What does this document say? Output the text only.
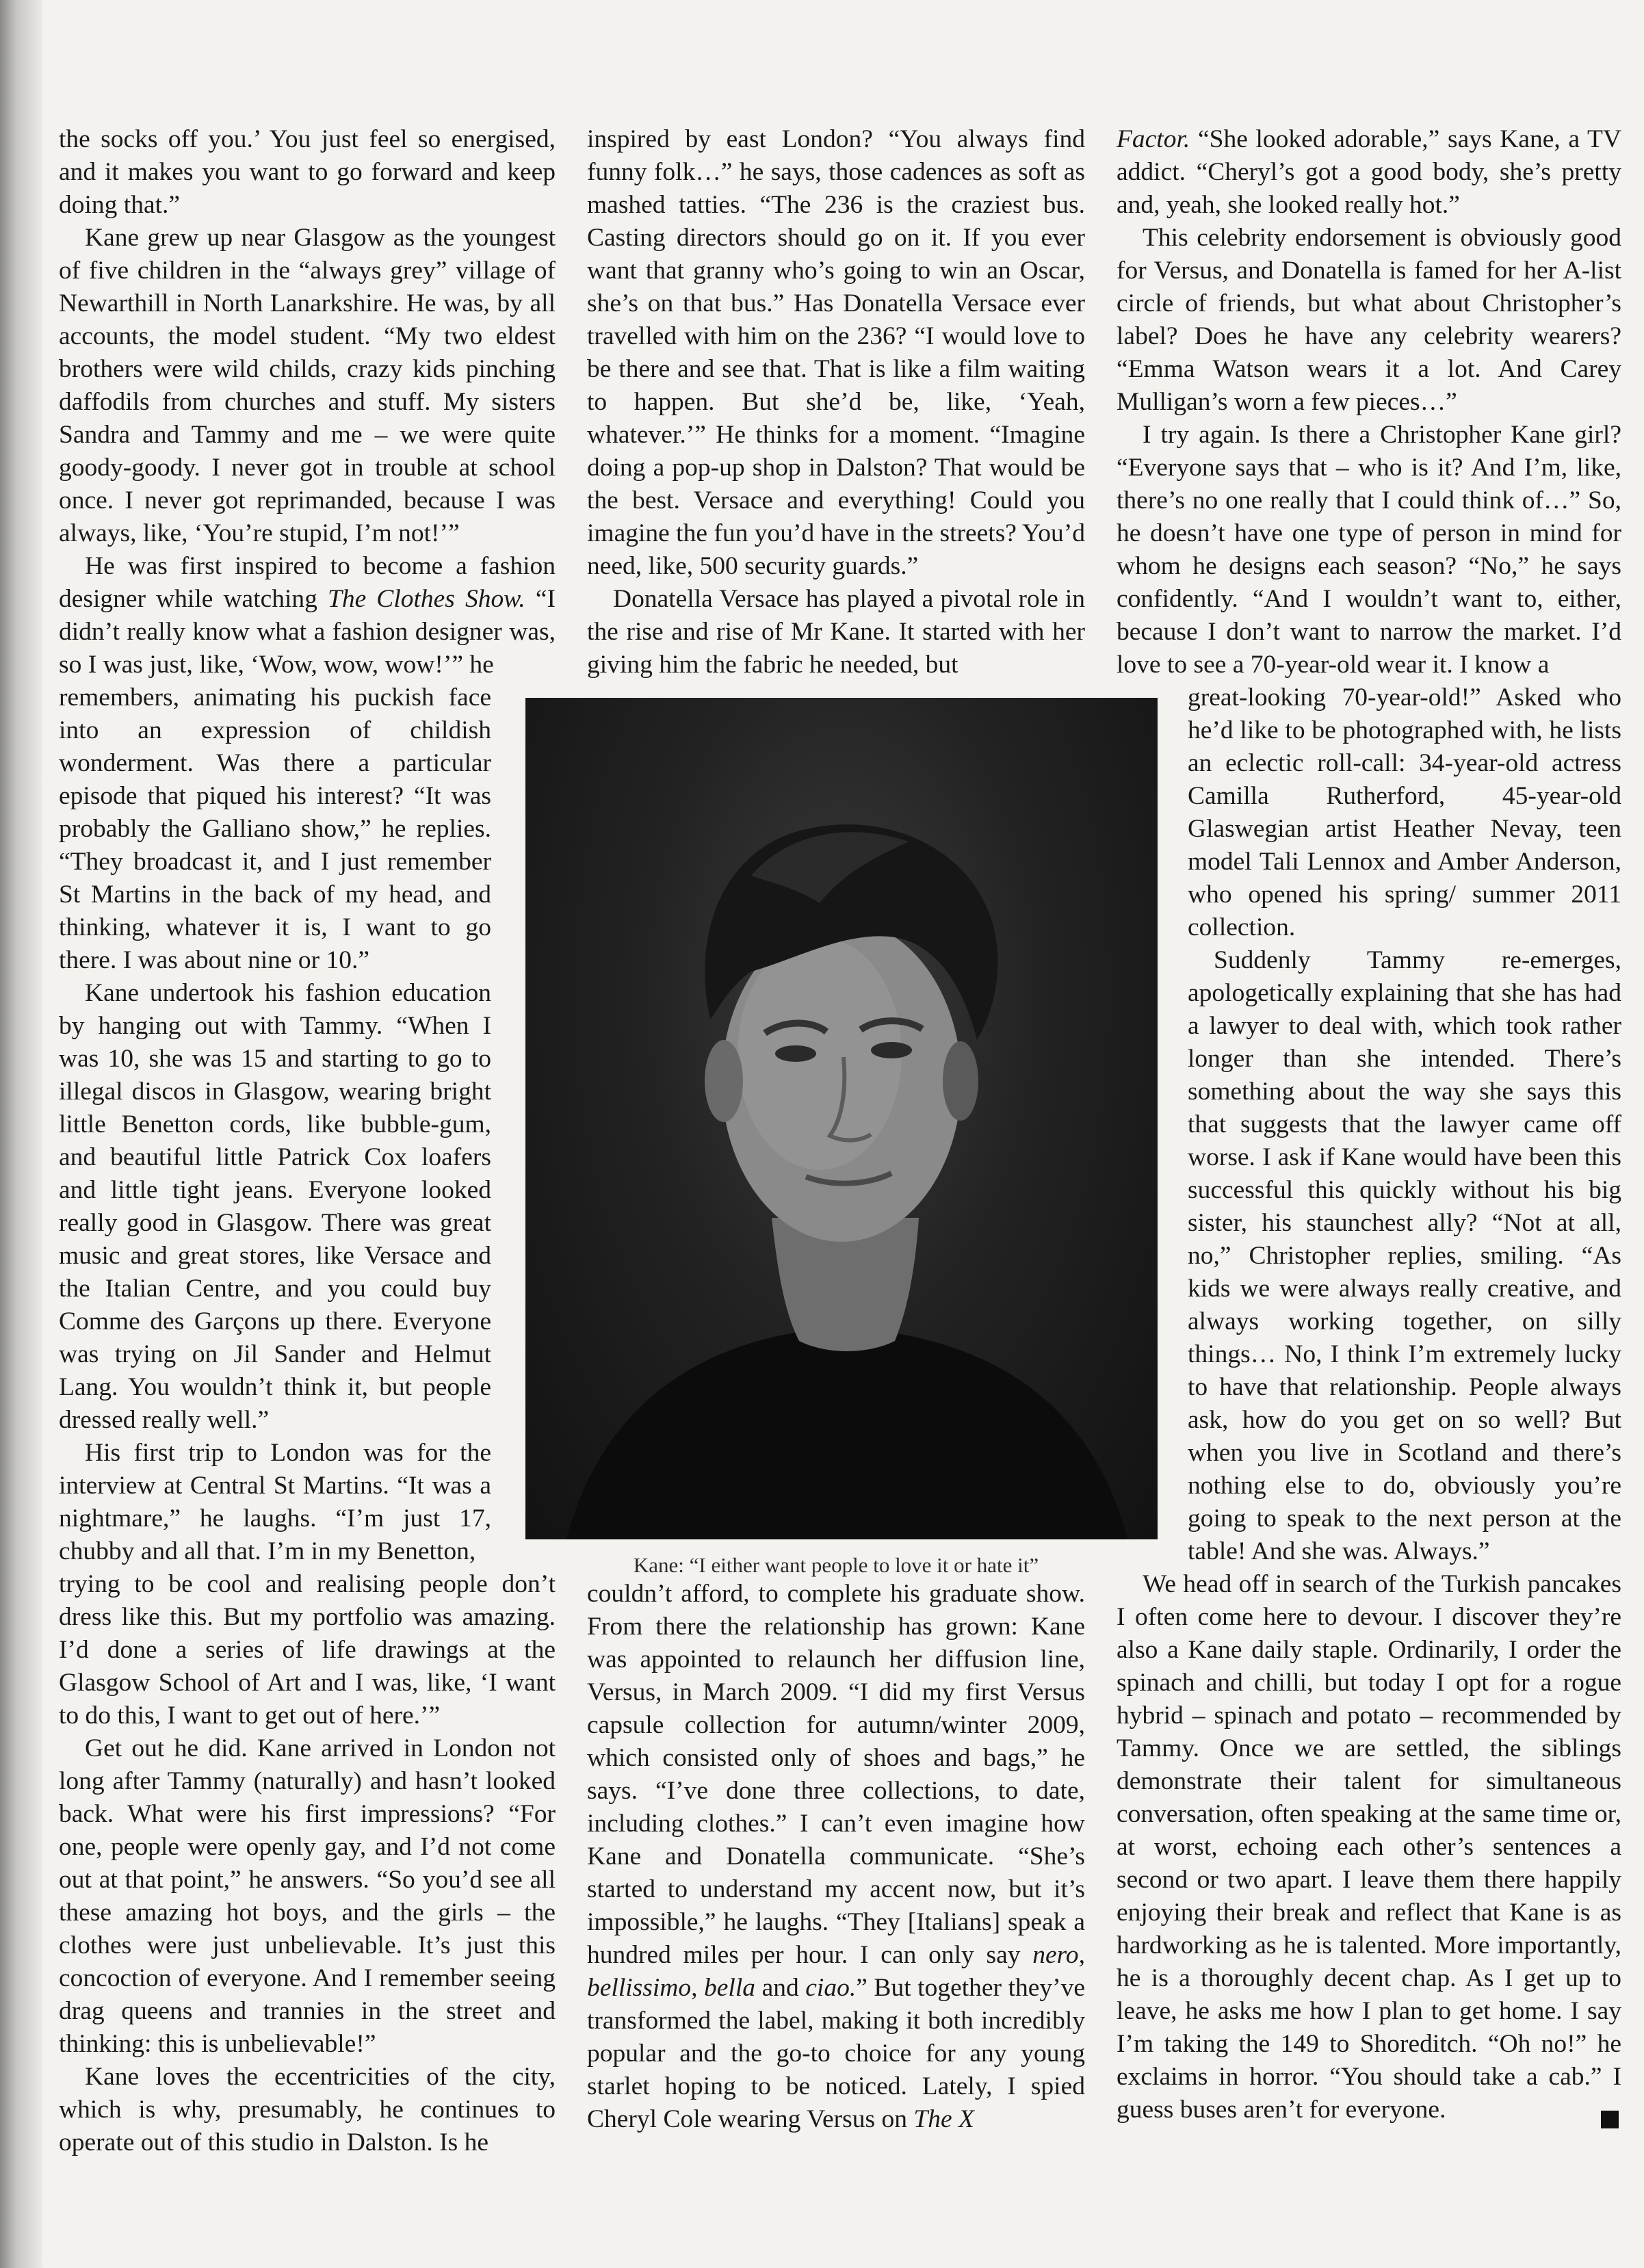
the socks off you.’ You just feel so energised, and it makes you want to go forward and keep doing that.”

Kane grew up near Glasgow as the youngest of five children in the “always grey” village of Newarthill in North Lanarkshire. He was, by all accounts, the model student. “My two eldest brothers were wild childs, crazy kids pinching daffodils from churches and stuff. My sisters Sandra and Tammy and me – we were quite goody-goody. I never got in trouble at school once. I never got reprimanded, because I was always, like, ‘You’re stupid, I’m not!’”

He was first inspired to become a fashion designer while watching The Clothes Show. “I didn’t really know what a fashion designer was, so I was just, like, ‘Wow, wow, wow!’” he

remembers, animating his puckish face into an expression of childish wonderment. Was there a particular episode that piqued his interest? “It was probably the Galliano show,” he replies. “They broadcast it, and I just remember St Martins in the back of my head, and thinking, whatever it is, I want to go there. I was about nine or 10.”

Kane undertook his fashion education by hanging out with Tammy. “When I was 10, she was 15 and starting to go to illegal discos in Glasgow, wearing bright little Benetton cords, like bubble-gum, and beautiful little Patrick Cox loafers and little tight jeans. Everyone looked really good in Glasgow. There was great music and great stores, like Versace and the Italian Centre, and you could buy Comme des Garçons up there. Everyone was trying on Jil Sander and Helmut Lang. You wouldn’t think it, but people dressed really well.”

His first trip to London was for the interview at Central St Martins. “It was a nightmare,” he laughs. “I’m just 17, chubby and all that. I’m in my Benetton,

trying to be cool and realising people don’t dress like this. But my portfolio was amazing. I’d done a series of life drawings at the Glasgow School of Art and I was, like, ‘I want to do this, I want to get out of here.’”

Get out he did. Kane arrived in London not long after Tammy (naturally) and hasn’t looked back. What were his first impressions? “For one, people were openly gay, and I’d not come out at that point,” he answers. “So you’d see all these amazing hot boys, and the girls – the clothes were just unbelievable. It’s just this concoction of everyone. And I remember seeing drag queens and trannies in the street and thinking: this is unbelievable!”

Kane loves the eccentricities of the city, which is why, presumably, he continues to operate out of this studio in Dalston. Is he

inspired by east London? “You always find funny folk…” he says, those cadences as soft as mashed tatties. “The 236 is the craziest bus. Casting directors should go on it. If you ever want that granny who’s going to win an Oscar, she’s on that bus.” Has Donatella Versace ever travelled with him on the 236? “I would love to be there and see that. That is like a film waiting to happen. But she’d be, like, ‘Yeah, whatever.’” He thinks for a moment. “Imagine doing a pop-up shop in Dalston? That would be the best. Versace and everything! Could you imagine the fun you’d have in the streets? You’d need, like, 500 security guards.”

Donatella Versace has played a pivotal role in the rise and rise of Mr Kane. It started with her giving him the fabric he needed, but

couldn’t afford, to complete his graduate show. From there the relationship has grown: Kane was appointed to relaunch her diffusion line, Versus, in March 2009. “I did my first Versus capsule collection for autumn/winter 2009, which consisted only of shoes and bags,” he says. “I’ve done three collections, to date, including clothes.” I can’t even imagine how Kane and Donatella communicate. “She’s started to understand my accent now, but it’s impossible,” he laughs. “They [Italians] speak a hundred miles per hour. I can only say nero, bellissimo, bella and ciao.” But together they’ve transformed the label, making it both incredibly popular and the go-to choice for any young starlet hoping to be noticed. Lately, I spied Cheryl Cole wearing Versus on The X

Factor. “She looked adorable,” says Kane, a TV addict. “Cheryl’s got a good body, she’s pretty and, yeah, she looked really hot.”

This celebrity endorsement is obviously good for Versus, and Donatella is famed for her A-list circle of friends, but what about Christopher’s label? Does he have any celebrity wearers? “Emma Watson wears it a lot. And Carey Mulligan’s worn a few pieces…”

I try again. Is there a Christopher Kane girl? “Everyone says that – who is it? And I’m, like, there’s no one really that I could think of…” So, he doesn’t have one type of person in mind for whom he designs each season? “No,” he says confidently. “And I wouldn’t want to, either, because I don’t want to narrow the market. I’d love to see a 70-year-old wear it. I know a

great-looking 70-year-old!” Asked who he’d like to be photographed with, he lists an eclectic roll-call: 34-year-old actress Camilla Rutherford, 45-year-old Glaswegian artist Heather Nevay, teen model Tali Lennox and Amber Anderson, who opened his spring/ summer 2011 collection.

Suddenly Tammy re-emerges, apologetically explaining that she has had a lawyer to deal with, which took rather longer than she intended. There’s something about the way she says this that suggests that the lawyer came off worse. I ask if Kane would have been this successful this quickly without his big sister, his staunchest ally? “Not at all, no,” Christopher replies, smiling. “As kids we were always really creative, and always working together, on silly things… No, I think I’m extremely lucky to have that relationship. People always ask, how do you get on so well? But when you live in Scotland and there’s nothing else to do, obviously you’re going to speak to the next person at the table! And she was. Always.”

We head off in search of the Turkish pancakes I often come here to devour. I discover they’re also a Kane daily staple. Ordinarily, I order the spinach and chilli, but today I opt for a rogue hybrid – spinach and potato – recommended by Tammy. Once we are settled, the siblings demonstrate their talent for simultaneous conversation, often speaking at the same time or, at worst, echoing each other’s sentences a second or two apart. I leave them there happily enjoying their break and reflect that Kane is as hardworking as he is talented. More importantly, he is a thoroughly decent chap. As I get up to leave, he asks me how I plan to get home. I say I’m taking the 149 to Shoreditch. “Oh no!” he exclaims in horror. “You should take a cab.” I guess buses aren’t for everyone.

Kane: “I either want people to love it or hate it”
